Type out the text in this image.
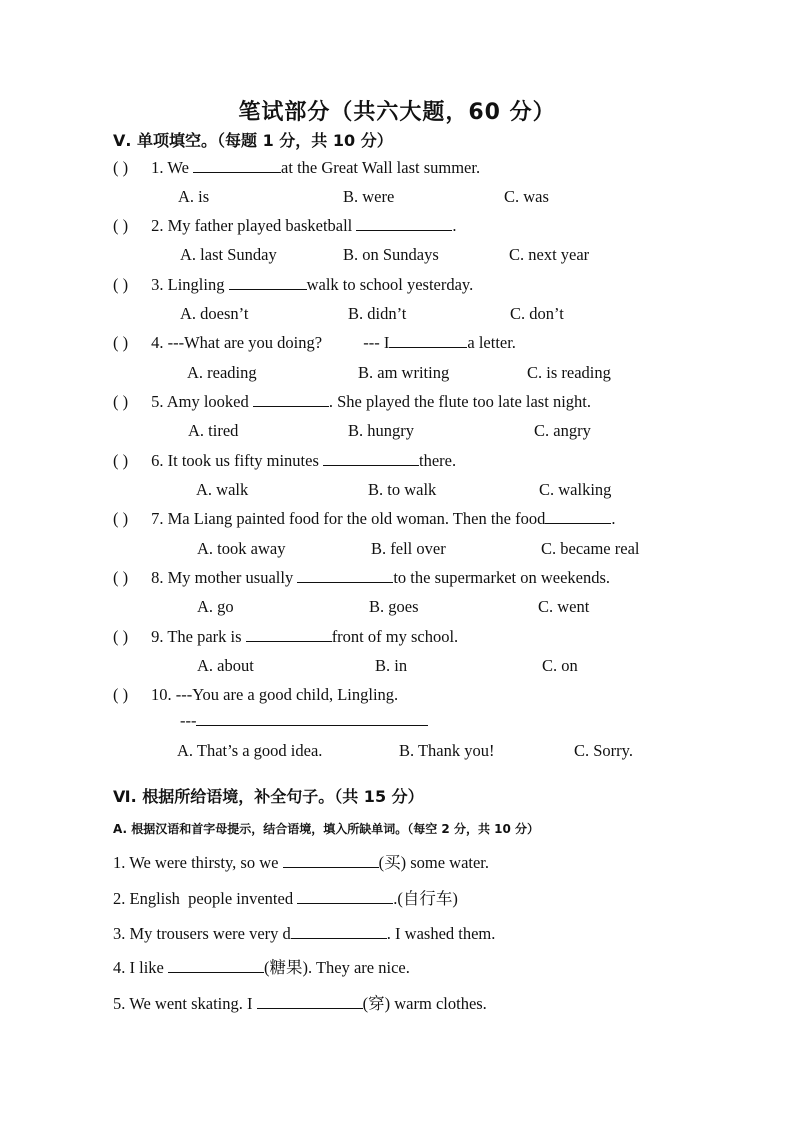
笔试部分（共六大题，60 分）
Ⅴ. 单项填空。（每题 1 分，共 10 分）
( ) 1. We	at the Great Wall last summer.
A. is	B. were	C. was
( ) 2. My father played basketball	.
A. last Sunday	B. on Sundays	C. next year
( ) 3. Lingling	walk to school yesterday.
A. doesn’t	B. didn’t	C. don’t
( ) 4. ---What are you doing?          --- I	a letter.
A. reading	B. am writing	C. is reading
( ) 5. Amy looked	. She played the flute too late last night.
A. tired	B. hungry	C. angry
( ) 6. It took us fifty minutes	there.
A. walk	B. to walk	C. walking
( ) 7. Ma Liang painted food for the old woman. Then the food	.
A. took away	B. fell over	C. became real
( ) 8. My mother usually	to the supermarket on weekends.
A. go	B. goes	C. went
( ) 9. The park is	front of my school.
A. about	B. in	C. on
( ) 10. ---You are a good child, Lingling.
---
A. That’s a good idea.	B. Thank you!	C. Sorry.
Ⅵ. 根据所给语境，补全句子。（共 15 分）
A. 根据汉语和首字母提示，结合语境，填入所缺单词。（每空 2 分，共 10 分）
1. We were thirsty, so we	(买) some water.
2. English  people invented	.(自行车)
3. My trousers were very d	. I washed them.
4. I like	(糖果). They are nice.
5. We went skating. I	(穿) warm clothes.
